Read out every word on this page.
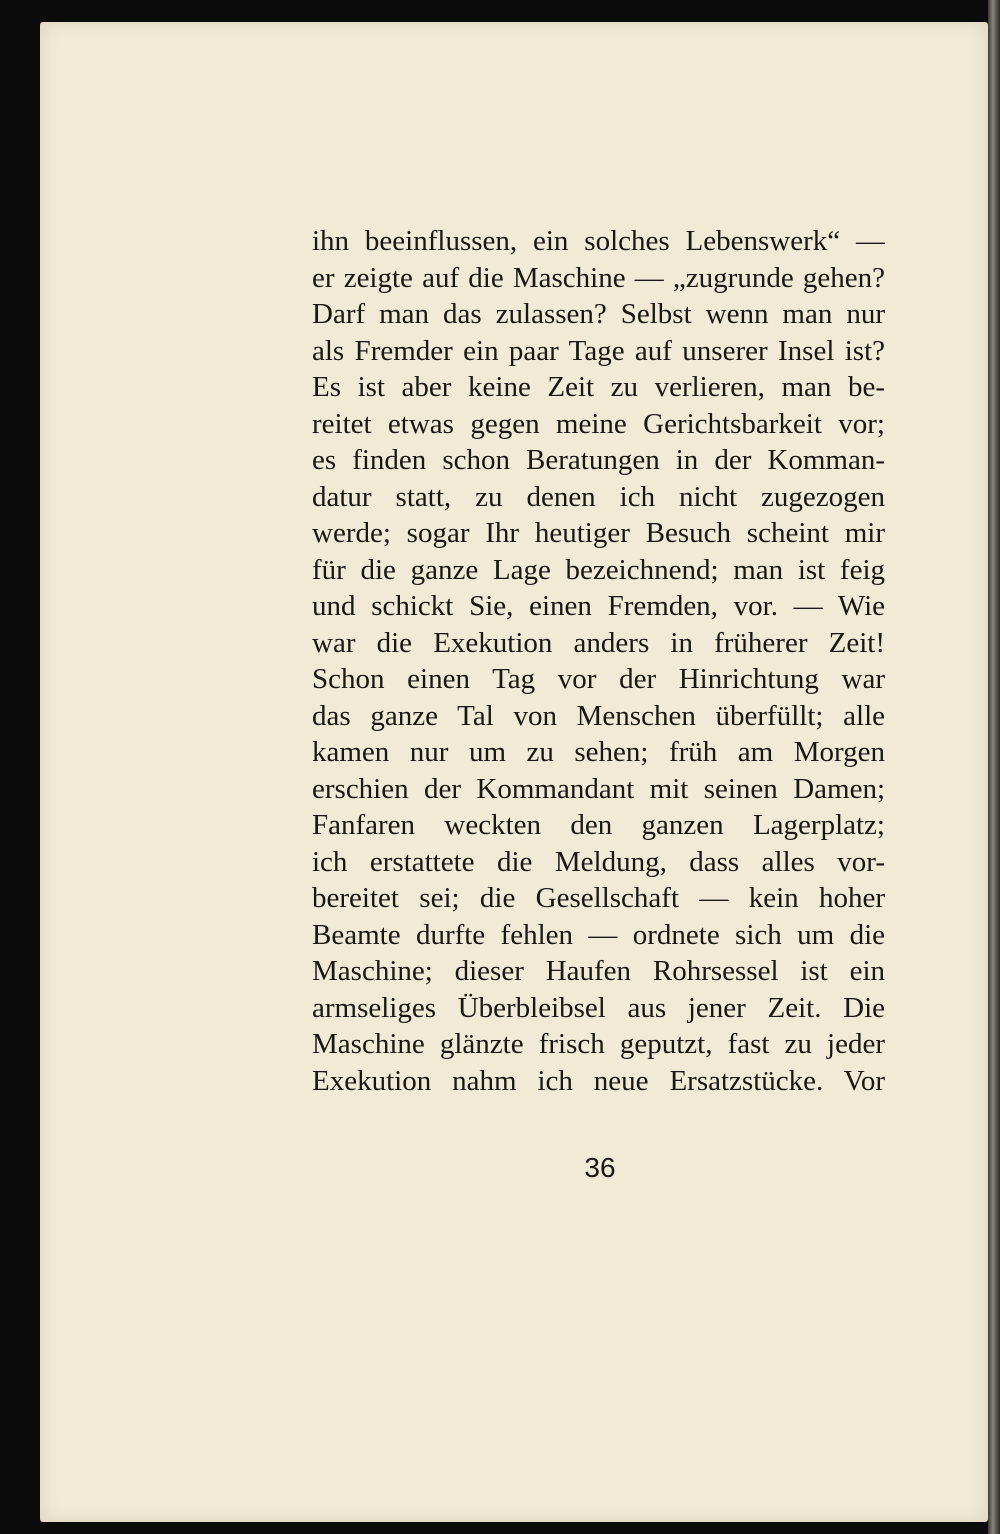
ihn beeinflussen, ein solches Lebenswerk“ —
er zeigte auf die Maschine — „zugrunde gehen?
Darf man das zulassen? Selbst wenn man nur
als Fremder ein paar Tage auf unserer Insel ist?
Es ist aber keine Zeit zu verlieren, man be-
reitet etwas gegen meine Gerichtsbarkeit vor;
es finden schon Beratungen in der Komman-
datur statt, zu denen ich nicht zugezogen
werde; sogar Ihr heutiger Besuch scheint mir
für die ganze Lage bezeichnend; man ist feig
und schickt Sie, einen Fremden, vor. — Wie
war die Exekution anders in früherer Zeit!
Schon einen Tag vor der Hinrichtung war
das ganze Tal von Menschen überfüllt; alle
kamen nur um zu sehen; früh am Morgen
erschien der Kommandant mit seinen Damen;
Fanfaren weckten den ganzen Lagerplatz;
ich erstattete die Meldung, dass alles vor-
bereitet sei; die Gesellschaft — kein hoher
Beamte durfte fehlen — ordnete sich um die
Maschine; dieser Haufen Rohrsessel ist ein
armseliges Überbleibsel aus jener Zeit. Die
Maschine glänzte frisch geputzt, fast zu jeder
Exekution nahm ich neue Ersatzstücke. Vor
36
